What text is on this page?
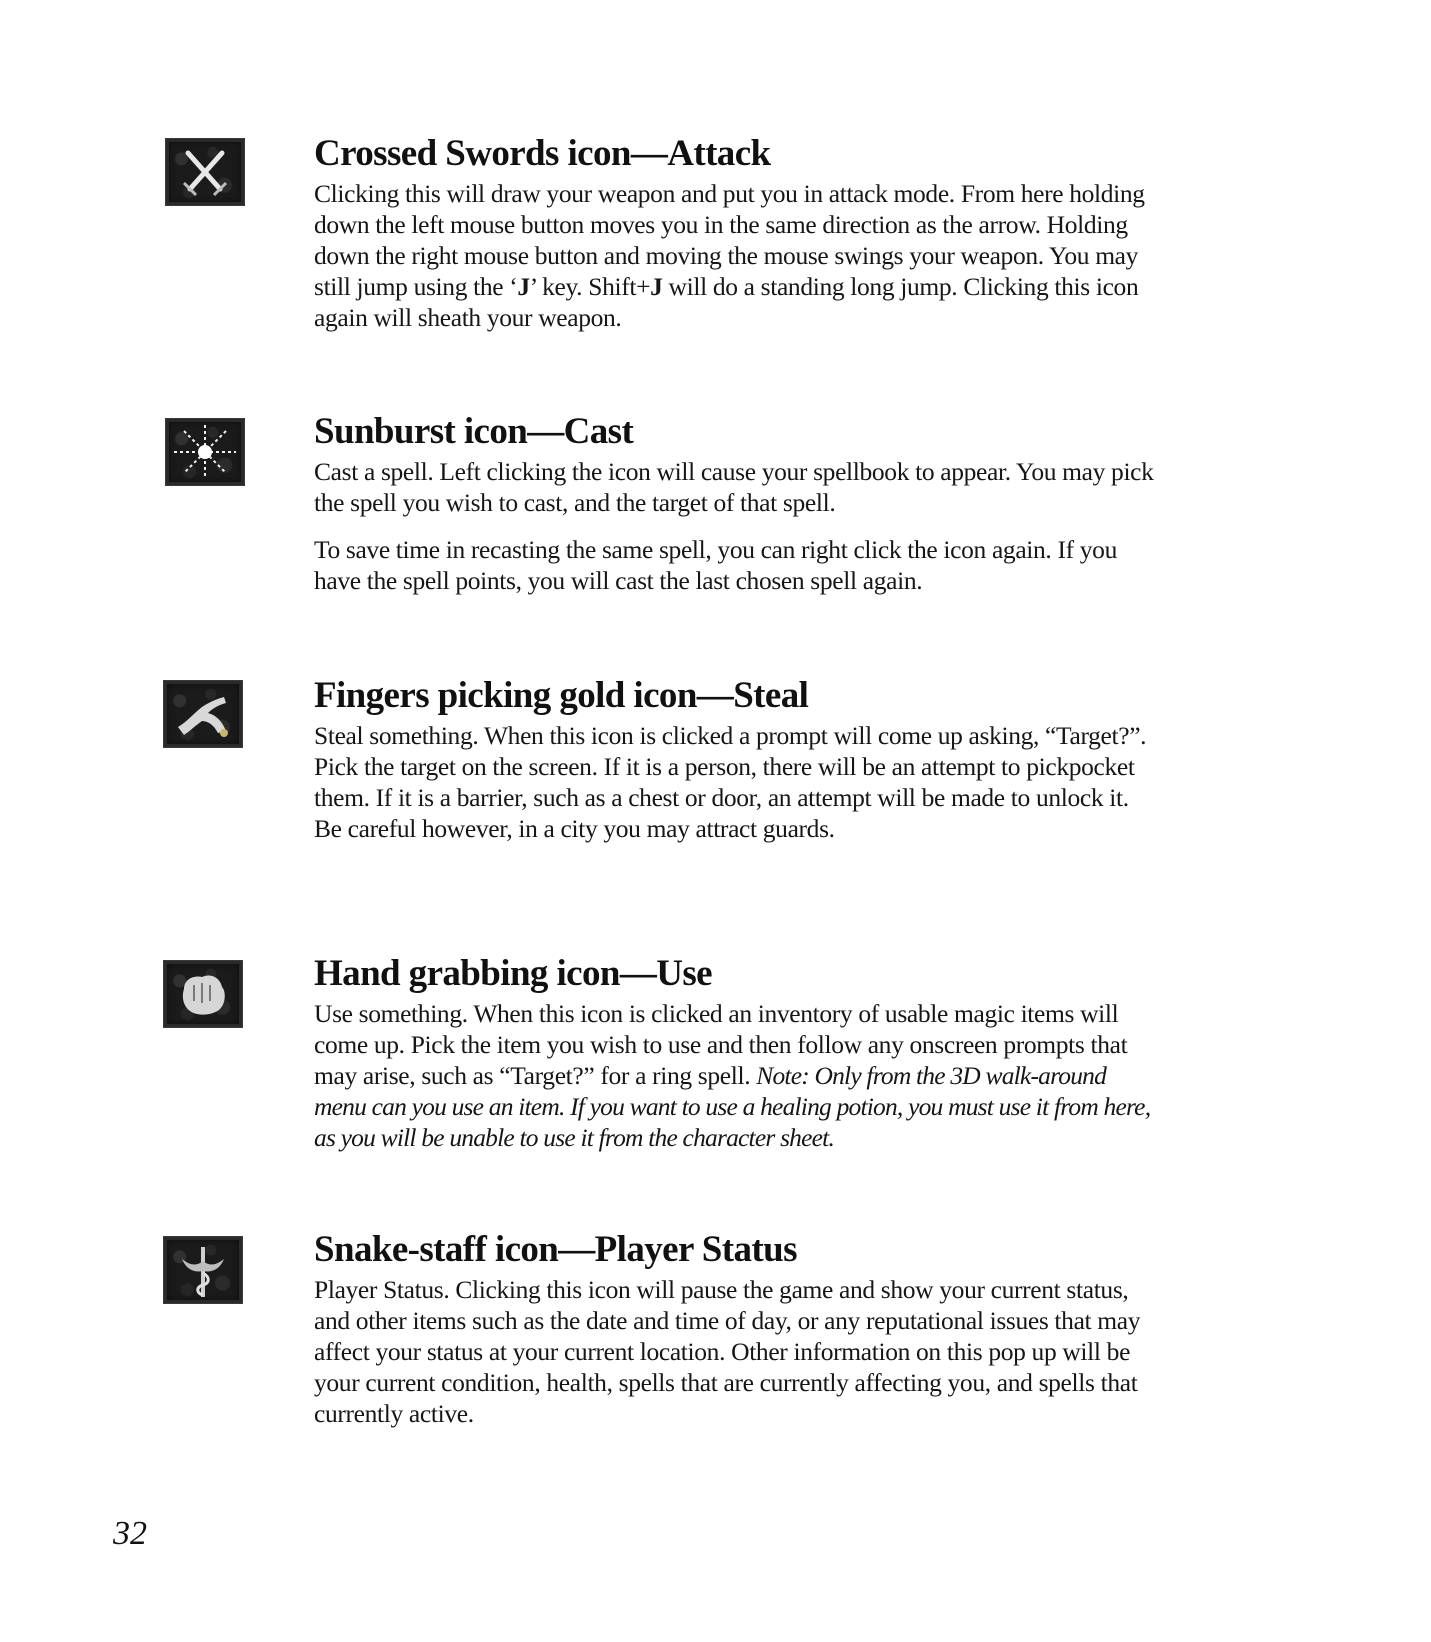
Crossed Swords icon—Attack

Clicking this will draw your weapon and put you in attack mode. From here holding down the left mouse button moves you in the same direction as the arrow. Holding down the right mouse button and moving the mouse swings your weapon. You may still jump using the ‘J’ key. Shift+J will do a standing long jump. Clicking this icon again will sheath your weapon.

Sunburst icon—Cast

Cast a spell. Left clicking the icon will cause your spellbook to appear. You may pick the spell you wish to cast, and the target of that spell.

To save time in recasting the same spell, you can right click the icon again. If you have the spell points, you will cast the last chosen spell again.

Fingers picking gold icon—Steal

Steal something. When this icon is clicked a prompt will come up asking, “Target?”. Pick the target on the screen. If it is a person, there will be an attempt to pickpocket them. If it is a barrier, such as a chest or door, an attempt will be made to unlock it. Be careful however, in a city you may attract guards.

Hand grabbing icon—Use

Use something. When this icon is clicked an inventory of usable magic items will come up. Pick the item you wish to use and then follow any onscreen prompts that may arise, such as “Target?” for a ring spell. Note: Only from the 3D walk-around menu can you use an item. If you want to use a healing potion, you must use it from here, as you will be unable to use it from the character sheet.

Snake-staff icon—Player Status

Player Status. Clicking this icon will pause the game and show your current status, and other items such as the date and time of day, or any reputational issues that may affect your status at your current location. Other information on this pop up will be your current condition, health, spells that are currently affecting you, and spells that currently active.

32
